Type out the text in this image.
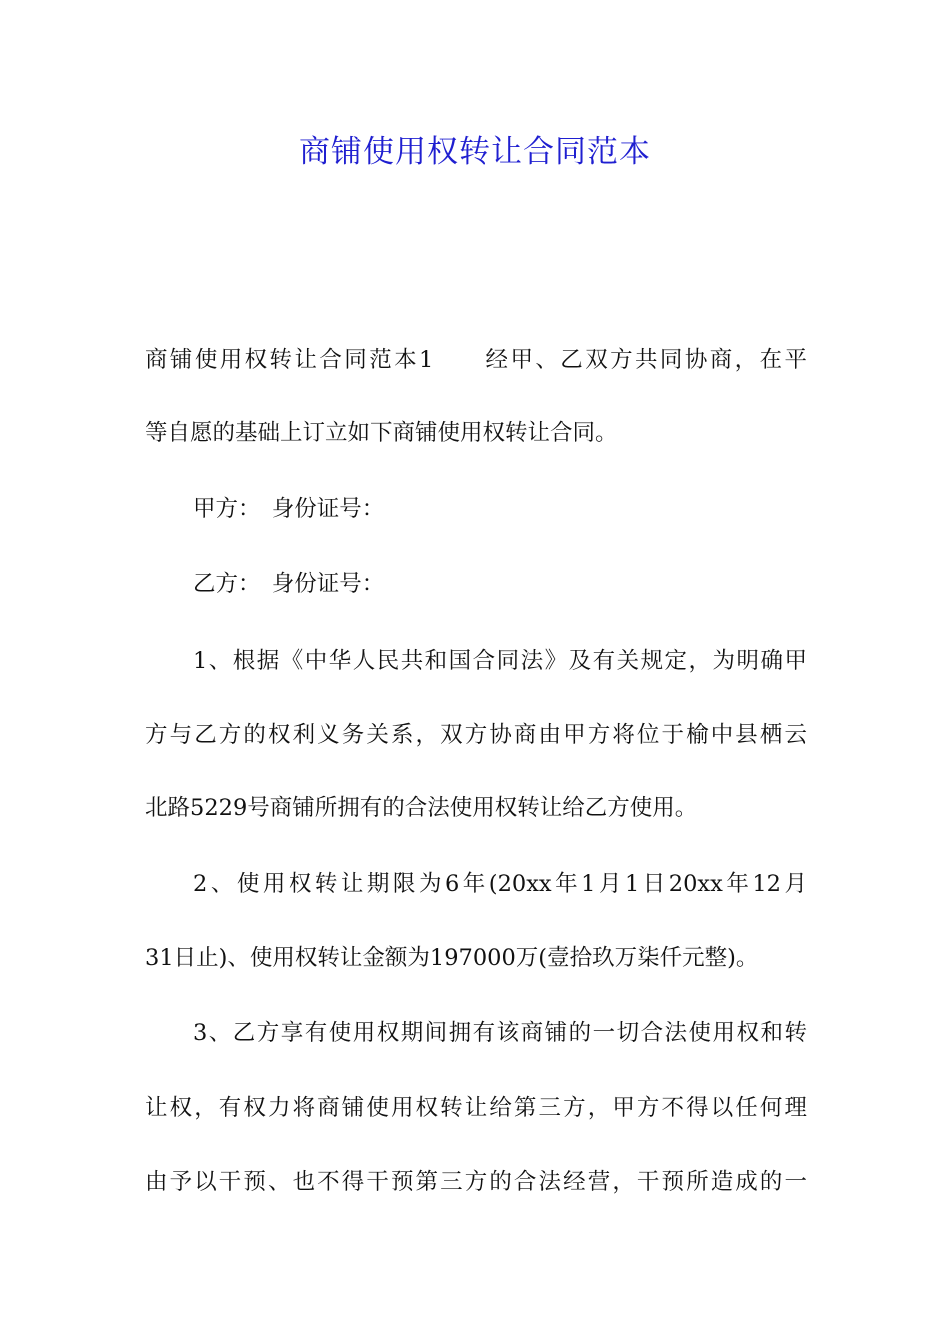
商铺使用权转让合同范本

商铺使用权转让合同范本1　　经甲、乙双方共同协商，在平

等自愿的基础上订立如下商铺使用权转让合同。

甲方：　身份证号：

乙方：　身份证号：

1、根据《中华人民共和国合同法》及有关规定，为明确甲

方与乙方的权利义务关系，双方协商由甲方将位于榆中县栖云

北路5229号商铺所拥有的合法使用权转让给乙方使用。

2、使用权转让期限为6年(20xx年1月1日20xx年12月

31日止)、使用权转让金额为197000万(壹拾玖万柒仟元整)。

3、乙方享有使用权期间拥有该商铺的一切合法使用权和转

让权，有权力将商铺使用权转让给第三方，甲方不得以任何理

由予以干预、也不得干预第三方的合法经营，干预所造成的一
